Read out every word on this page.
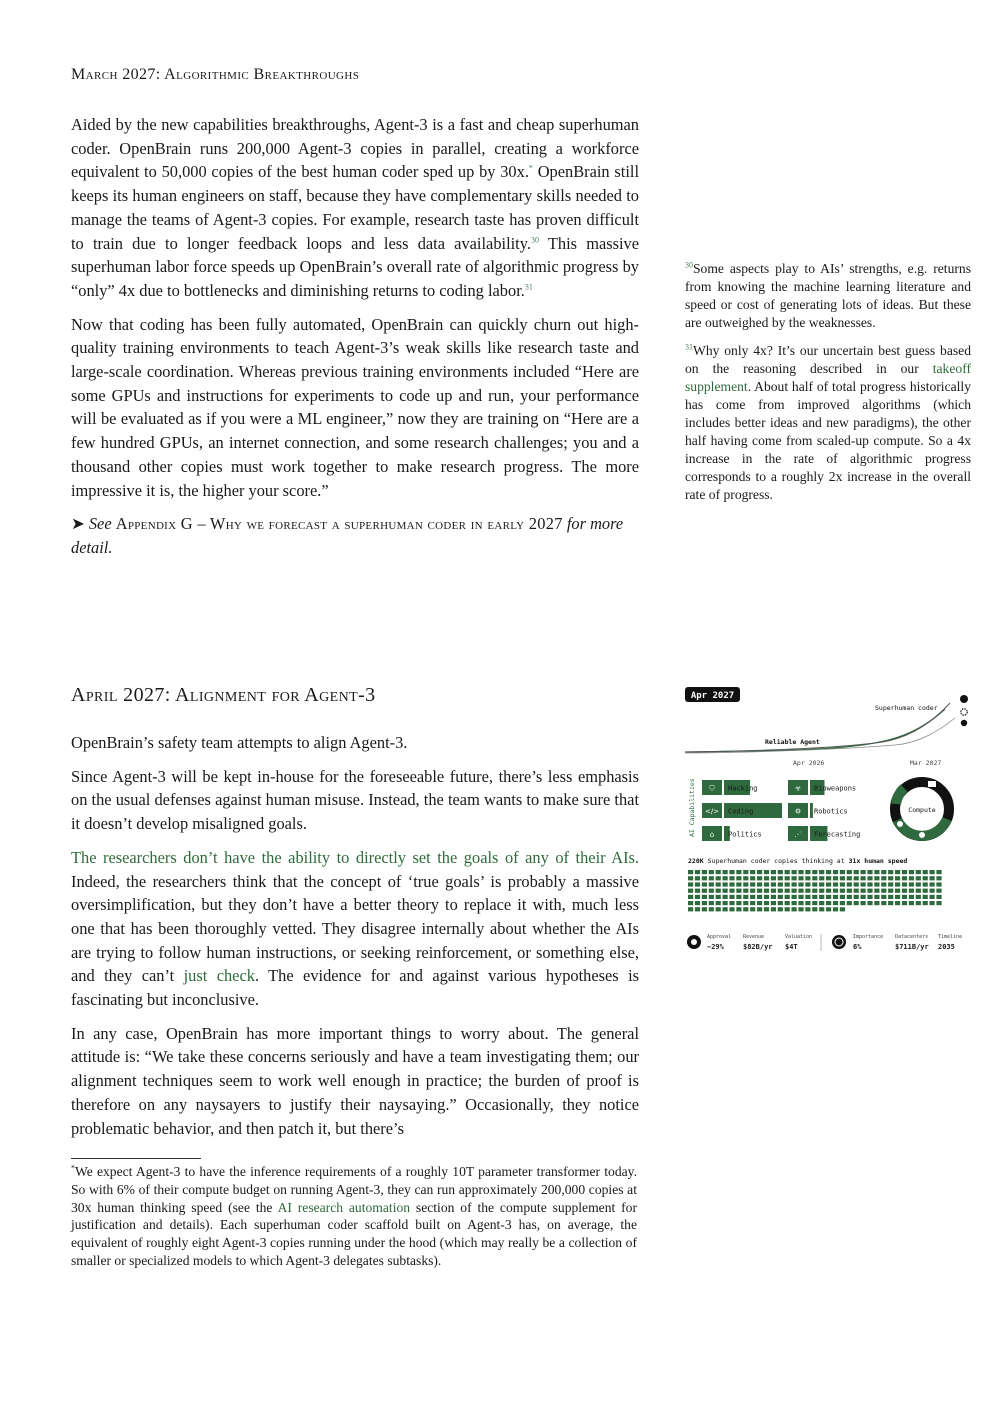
March 2027: Algorithmic Breakthroughs

Aided by the new capabilities breakthroughs, Agent-3 is a fast and cheap superhuman coder. OpenBrain runs 200,000 Agent-3 copies in parallel, creating a workforce equivalent to 50,000 copies of the best human coder sped up by 30x.* OpenBrain still keeps its human engineers on staff, because they have complementary skills needed to manage the teams of Agent-3 copies. For example, research taste has proven difficult to train due to longer feedback loops and less data availability.$^{30}$ This massive superhuman labor force speeds up OpenBrain’s overall rate of algorithmic progress by “only” 4x due to bottlenecks and diminishing returns to coding labor.$^{31}$

Now that coding has been fully automated, OpenBrain can quickly churn out high-quality training environments to teach Agent-3’s weak skills like research taste and large-scale coordination. Whereas previous training environments included “Here are some GPUs and instructions for experiments to code up and run, your performance will be evaluated as if you were a ML engineer,” now they are training on “Here are a few hundred GPUs, an internet connection, and some research challenges; you and a thousand other copies must work together to make research progress. The more impressive it is, the higher your score.”

➤ See Appendix G – Why we forecast a superhuman coder in early 2027 for more detail.

$^{30}$Some aspects play to AIs’ strengths, e.g. returns from knowing the machine learning literature and speed or cost of generating lots of ideas. But these are outweighed by the weaknesses.

$^{31}$Why only 4x? It’s our uncertain best guess based on the reasoning described in our takeoff supplement. About half of total progress historically has come from improved algorithms (which includes better ideas and new paradigms), the other half having come from scaled-up compute. So a 4x increase in the rate of algorithmic progress corresponds to a roughly 2x increase in the overall rate of progress.

April 2027: Alignment for Agent-3

OpenBrain’s safety team attempts to align Agent-3.

Since Agent-3 will be kept in-house for the foreseeable future, there’s less emphasis on the usual defenses against human misuse. Instead, the team wants to make sure that it doesn’t develop misaligned goals.

The researchers don’t have the ability to directly set the goals of any of their AIs. Indeed, the researchers think that the concept of ‘true goals’ is probably a massive oversimplification, but they don’t have a better theory to replace it with, much less one that has been thoroughly vetted. They disagree internally about whether the AIs are trying to follow human instructions, or seeking reinforcement, or something else, and they can’t just check. The evidence for and against various hypotheses is fascinating but inconclusive.

In any case, OpenBrain has more important things to worry about. The general attitude is: “We take these concerns seriously and have a team investigating them; our alignment techniques seem to work well enough in practice; the burden of proof is therefore on any naysayers to justify their naysaying.” Occasionally, they notice problematic behavior, and then patch it, but there’s

*We expect Agent-3 to have the inference requirements of a roughly 10T parameter transformer today. So with 6% of their compute budget on running Agent-3, they can run approximately 200,000 copies at 30x human thinking speed (see the AI research automation section of the compute supplement for justification and details). Each superhuman coder scaffold built on Agent-3 has, on average, the equivalent of roughly eight Agent-3 copies running under the hood (which may really be a collection of smaller or specialized models to which Agent-3 delegates subtasks).
Apr 2027
Superhuman coder
Reliable Agent
Apr 2026	Mar 2027
AI Capabilities ⛉ Hacking	☣ Bioweapons
</> Coding	⚙ Robotics
⌂ Politics	⋰ Forecasting
Compute
220K Superhuman coder copies thinking at 31x human speed
Approval
−29%
Revenue
$82B/yr
Valuation
$4T
Importance
6%
Datacenters
$711B/yr
Timeline
2035
